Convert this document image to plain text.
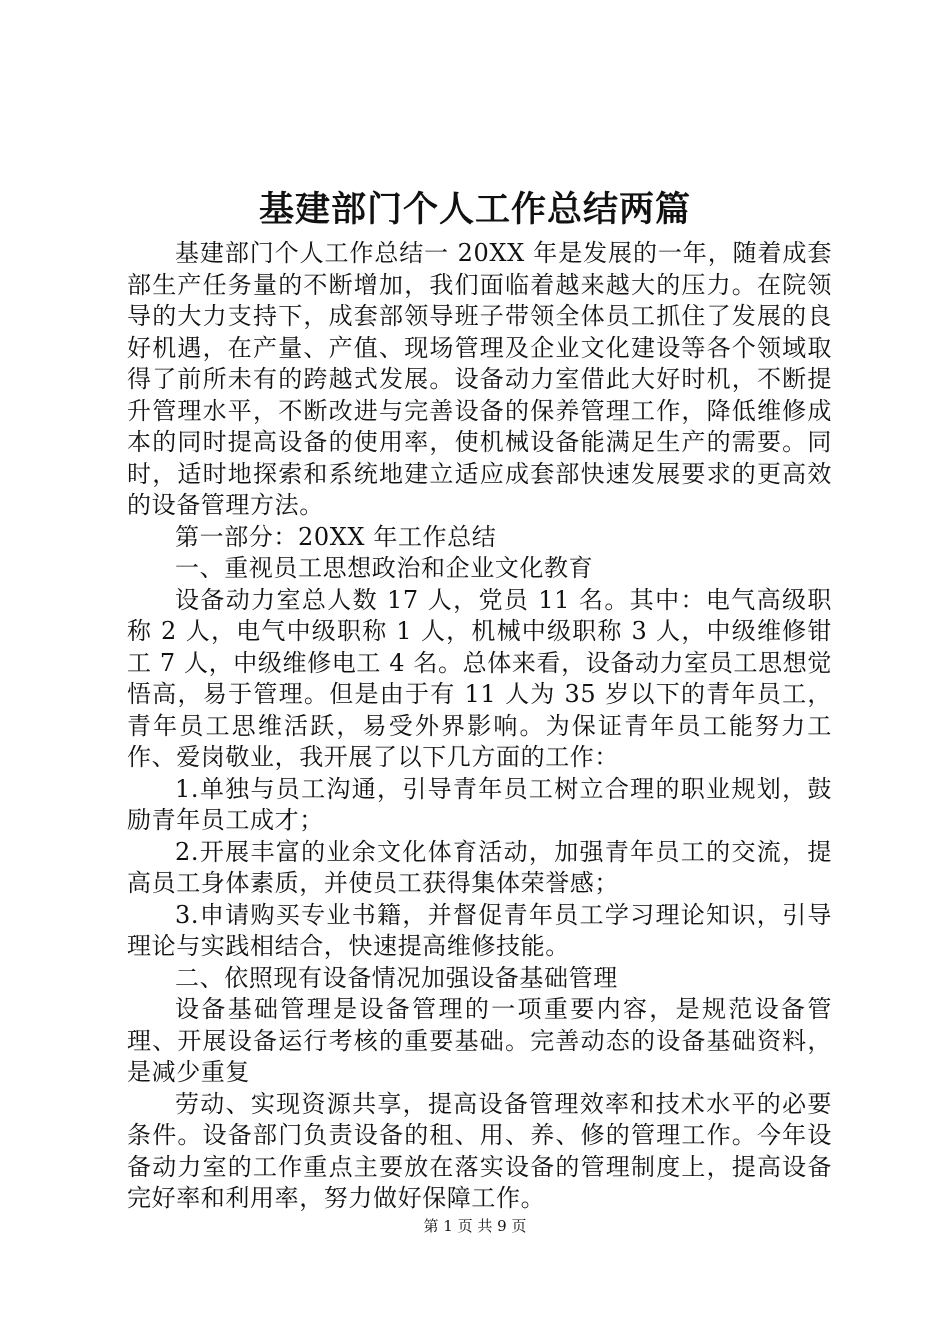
基建部门个人工作总结两篇

基建部门个人工作总结一 20XX 年是发展的一年，随着成套部生产任务量的不断增加，我们面临着越来越大的压力。在院领导的大力支持下，成套部领导班子带领全体员工抓住了发展的良好机遇，在产量、产值、现场管理及企业文化建设等各个领域取得了前所未有的跨越式发展。设备动力室借此大好时机，不断提升管理水平，不断改进与完善设备的保养管理工作，降低维修成本的同时提高设备的使用率，使机械设备能满足生产的需要。同时，适时地探索和系统地建立适应成套部快速发展要求的更高效的设备管理方法。

第一部分：20XX 年工作总结

一、重视员工思想政治和企业文化教育

设备动力室总人数 17 人，党员 11 名。其中：电气高级职称 2 人，电气中级职称 1 人，机械中级职称 3 人，中级维修钳工 7 人，中级维修电工 4 名。总体来看，设备动力室员工思想觉悟高，易于管理。但是由于有 11 人为 35 岁以下的青年员工，青年员工思维活跃，易受外界影响。为保证青年员工能努力工作、爱岗敬业，我开展了以下几方面的工作：

1.单独与员工沟通，引导青年员工树立合理的职业规划，鼓励青年员工成才；

2.开展丰富的业余文化体育活动，加强青年员工的交流，提高员工身体素质，并使员工获得集体荣誉感；

3.申请购买专业书籍，并督促青年员工学习理论知识，引导理论与实践相结合，快速提高维修技能。

二、依照现有设备情况加强设备基础管理

设备基础管理是设备管理的一项重要内容，是规范设备管理、开展设备运行考核的重要基础。完善动态的设备基础资料，是减少重复

劳动、实现资源共享，提高设备管理效率和技术水平的必要条件。设备部门负责设备的租、用、养、修的管理工作。今年设备动力室的工作重点主要放在落实设备的管理制度上，提高设备完好率和利用率，努力做好保障工作。

第 1 页 共 9 页
